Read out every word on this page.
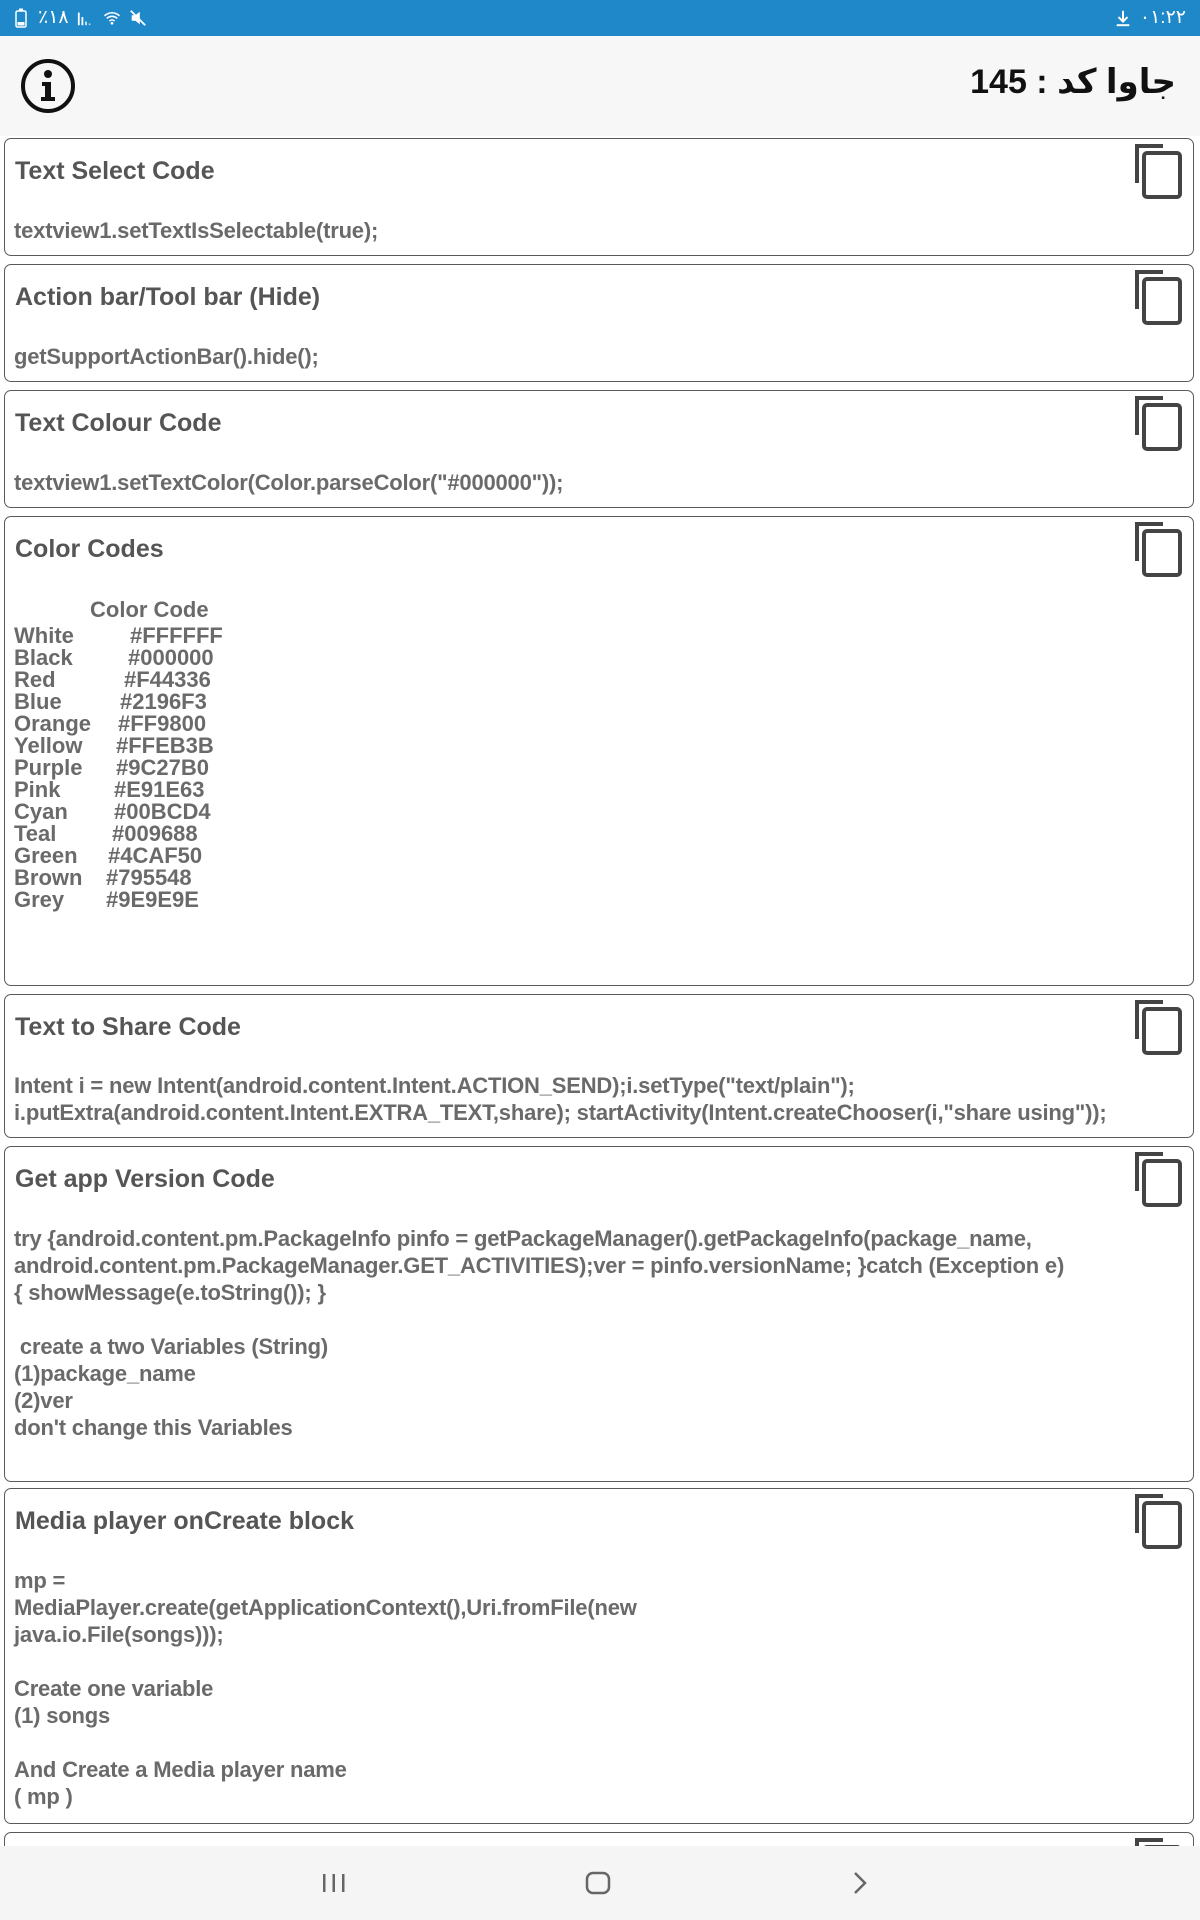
٪۱۸	۰۱:۲۲
جاوا کد : 145
Text Select Code
textview1.setTextIsSelectable(true);
Action bar/Tool bar (Hide)
getSupportActionBar().hide();
Text Colour Code
textview1.setTextColor(Color.parseColor("#000000"));
Color Codes
Color Code
White	#FFFFFF
Black	#000000
Red	#F44336
Blue	#2196F3
Orange #FF9800
Yellow #FFEB3B
Purple #9C27B0
Pink #E91E63
Cyan #00BCD4
Teal	#009688
Green #4CAF50
Brown #795548
Grey #9E9E9E
Text to Share Code
Intent i = new Intent(android.content.Intent.ACTION_SEND);i.setType("text/plain");
i.putExtra(android.content.Intent.EXTRA_TEXT,share); startActivity(Intent.createChooser(i,"share using"));
Get app Version Code
try {android.content.pm.PackageInfo pinfo = getPackageManager().getPackageInfo(package_name,
android.content.pm.PackageManager.GET_ACTIVITIES);ver = pinfo.versionName; }catch (Exception e)
{ showMessage(e.toString()); }

create a two Variables (String)
(1)package_name
(2)ver
don't change this Variables
Media player onCreate block
mp =
MediaPlayer.create(getApplicationContext(),Uri.fromFile(new
java.io.File(songs)));

Create one variable
(1) songs

And Create a Media player name
( mp )
